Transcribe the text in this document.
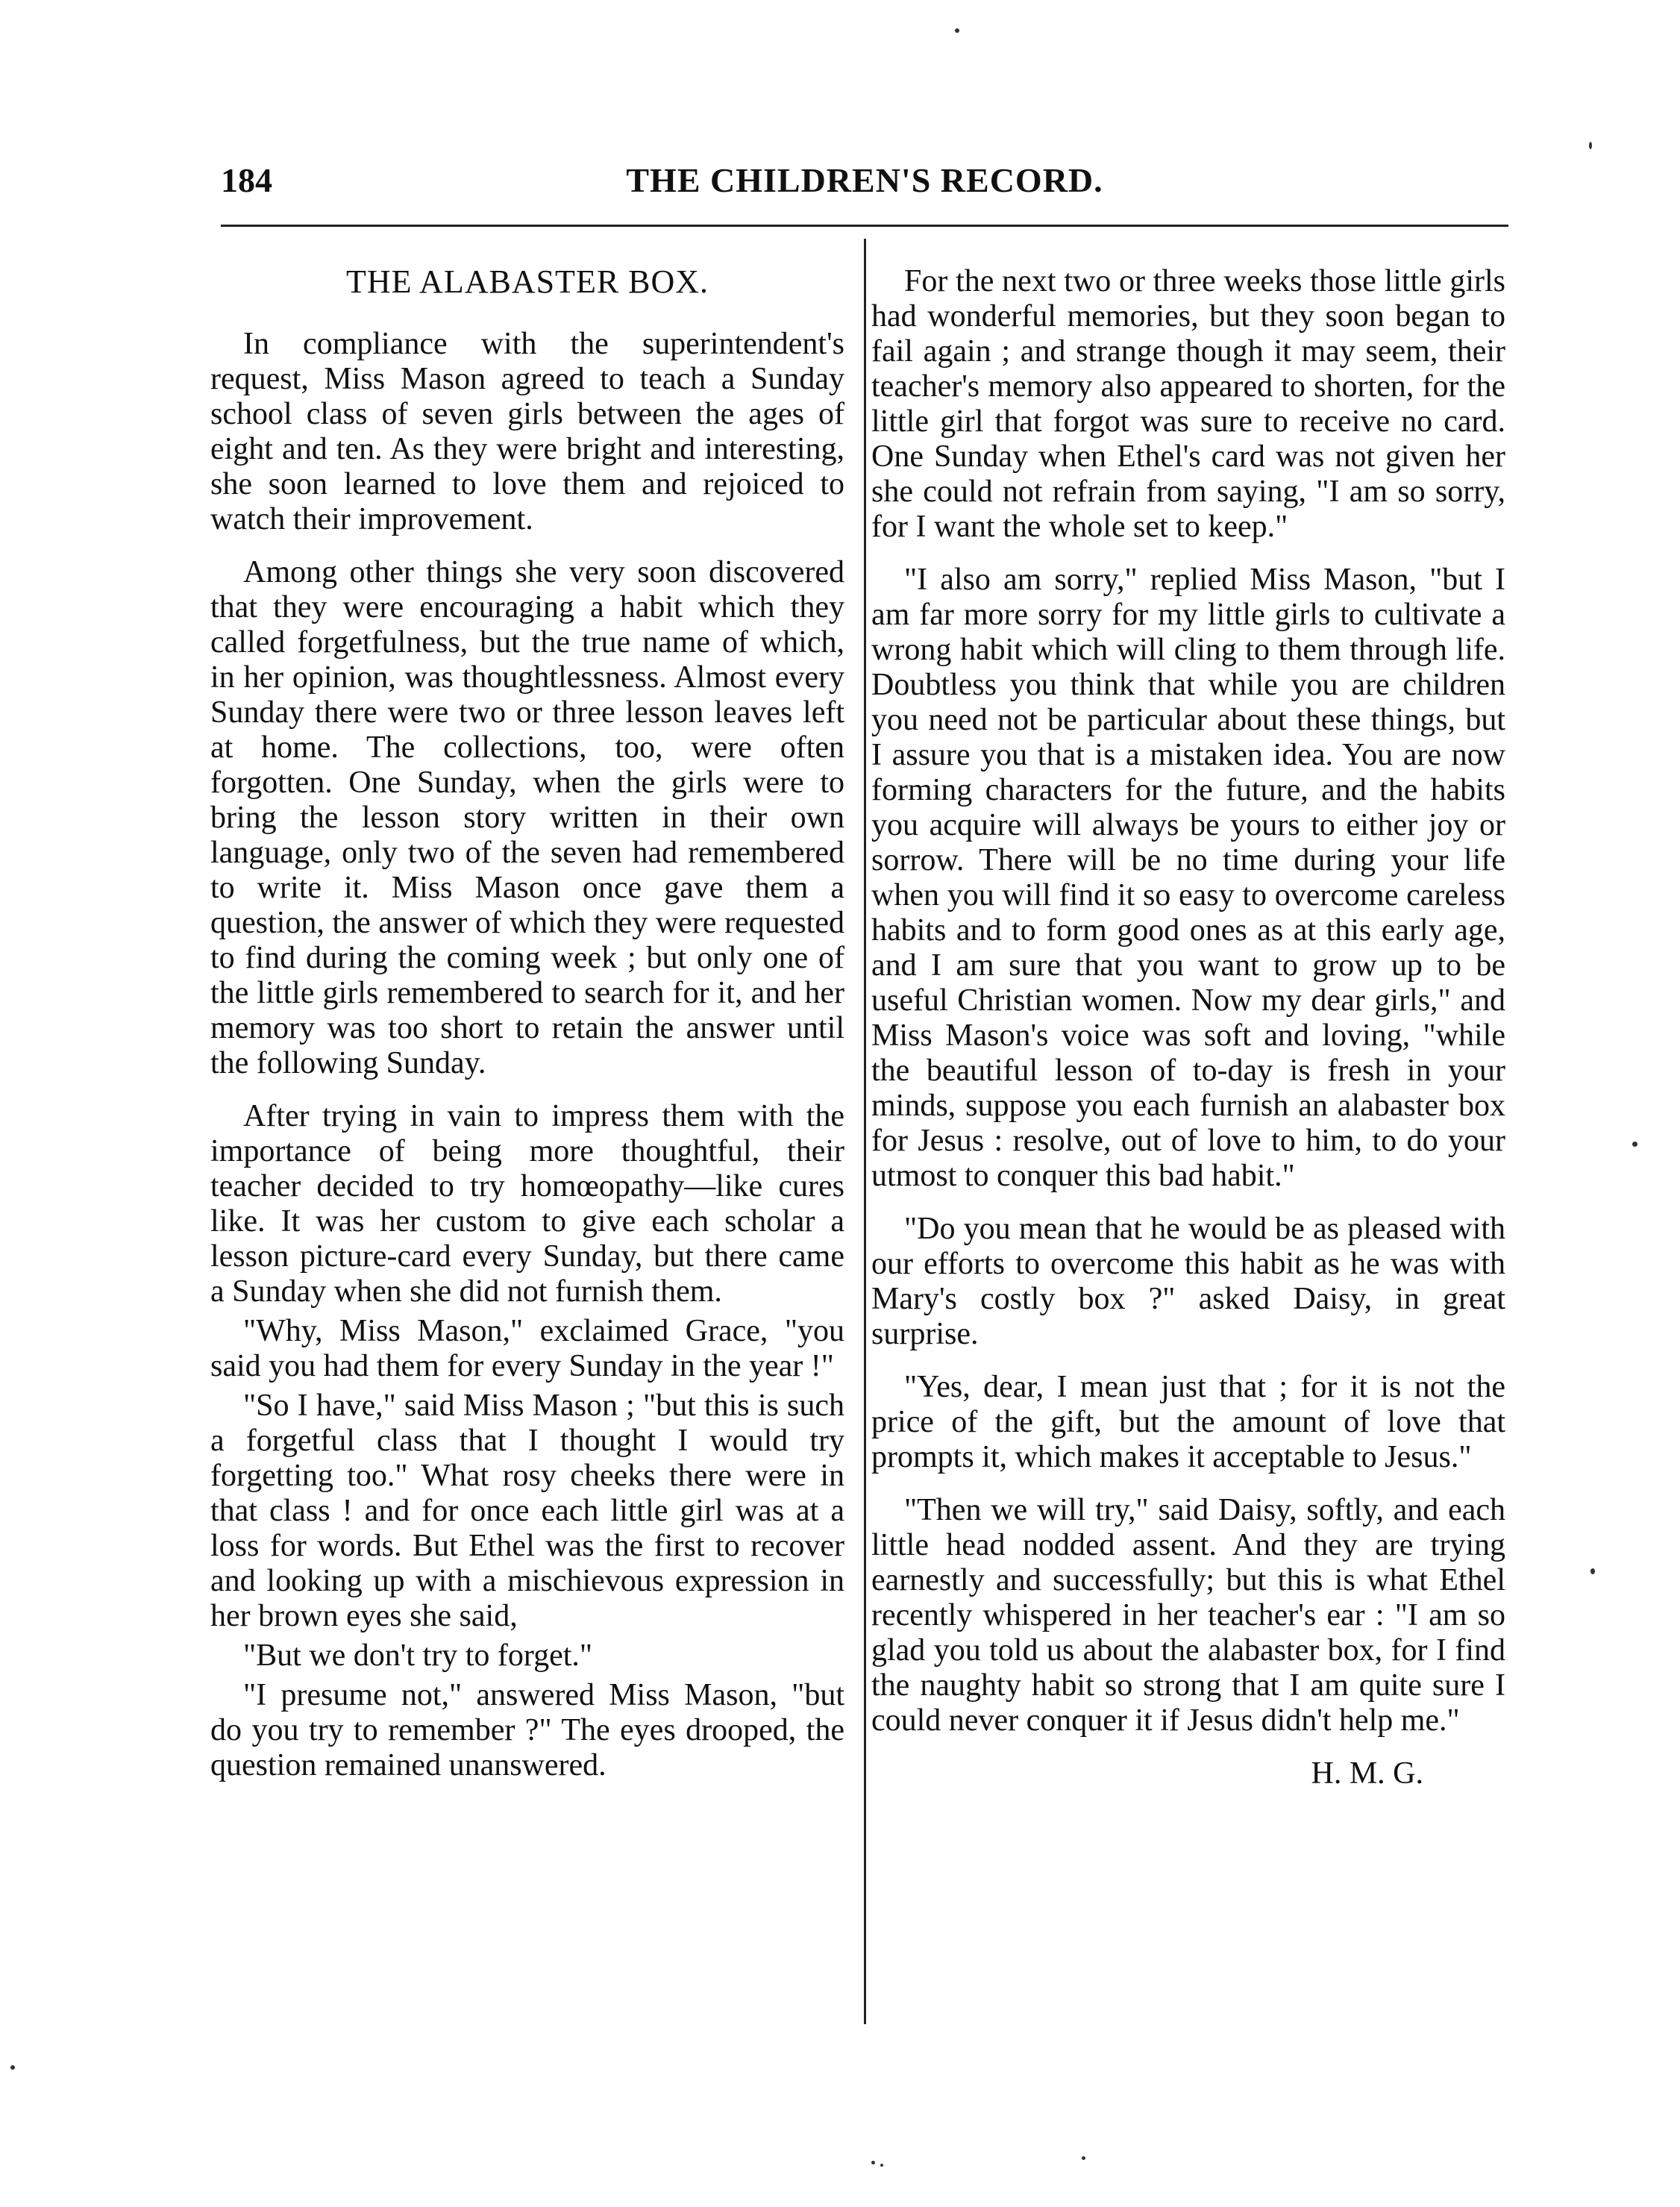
184	THE CHILDREN'S RECORD.
THE ALABASTER BOX.

In compliance with the superintendent's request, Miss Mason agreed to teach a Sunday school class of seven girls between the ages of eight and ten. As they were bright and interesting, she soon learned to love them and rejoiced to watch their improvement.

Among other things she very soon discovered that they were encouraging a habit which they called forgetfulness, but the true name of which, in her opinion, was thoughtlessness. Almost every Sunday there were two or three lesson leaves left at home. The collections, too, were often forgotten. One Sunday, when the girls were to bring the lesson story written in their own language, only two of the seven had remembered to write it. Miss Mason once gave them a question, the answer of which they were requested to find during the coming week ; but only one of the little girls remembered to search for it, and her memory was too short to retain the answer until the following Sunday.

After trying in vain to impress them with the importance of being more thoughtful, their teacher decided to try homœopathy—like cures like. It was her custom to give each scholar a lesson picture-card every Sunday, but there came a Sunday when she did not furnish them.

"Why, Miss Mason," exclaimed Grace, "you said you had them for every Sunday in the year !"

"So I have," said Miss Mason ; "but this is such a forgetful class that I thought I would try forgetting too." What rosy cheeks there were in that class ! and for once each little girl was at a loss for words. But Ethel was the first to recover and looking up with a mischievous expression in her brown eyes she said,

"But we don't try to forget."

"I presume not," answered Miss Mason, "but do you try to remember ?" The eyes drooped, the question remained unanswered.

For the next two or three weeks those little girls had wonderful memories, but they soon began to fail again ; and strange though it may seem, their teacher's memory also appeared to shorten, for the little girl that forgot was sure to receive no card. One Sunday when Ethel's card was not given her she could not refrain from saying, "I am so sorry, for I want the whole set to keep."

"I also am sorry," replied Miss Mason, "but I am far more sorry for my little girls to cultivate a wrong habit which will cling to them through life. Doubtless you think that while you are children you need not be particular about these things, but I assure you that is a mistaken idea. You are now forming characters for the future, and the habits you acquire will always be yours to either joy or sorrow. There will be no time during your life when you will find it so easy to overcome careless habits and to form good ones as at this early age, and I am sure that you want to grow up to be useful Christian women. Now my dear girls," and Miss Mason's voice was soft and loving, "while the beautiful lesson of to-day is fresh in your minds, suppose you each furnish an alabaster box for Jesus : resolve, out of love to him, to do your utmost to conquer this bad habit."

"Do you mean that he would be as pleased with our efforts to overcome this habit as he was with Mary's costly box ?" asked Daisy, in great surprise.

"Yes, dear, I mean just that ; for it is not the price of the gift, but the amount of love that prompts it, which makes it acceptable to Jesus."

"Then we will try," said Daisy, softly, and each little head nodded assent. And they are trying earnestly and successfully; but this is what Ethel recently whispered in her teacher's ear : "I am so glad you told us about the alabaster box, for I find the naughty habit so strong that I am quite sure I could never conquer it if Jesus didn't help me."

H. M. G.
